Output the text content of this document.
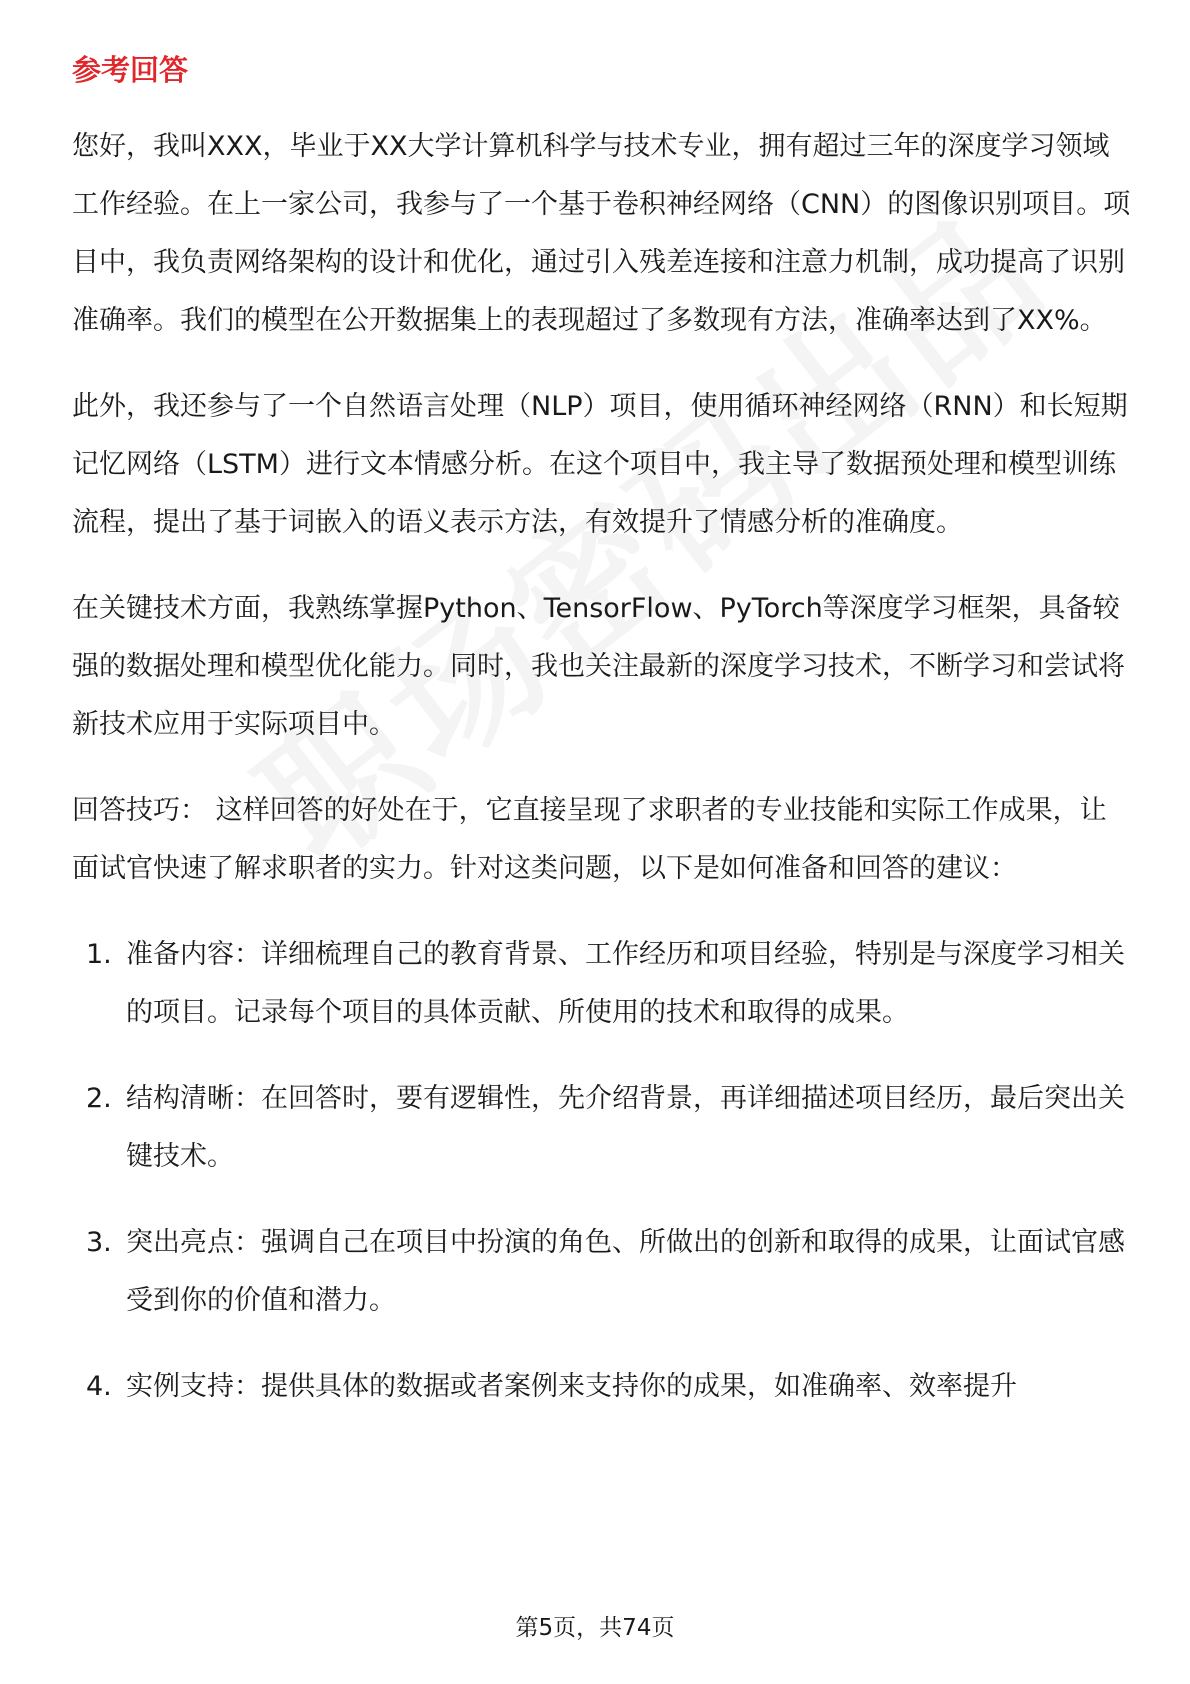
参考回答

您好，我叫XXX，毕业于XX大学计算机科学与技术专业，拥有超过三年的深度学习领域工作经验。在上一家公司，我参与了一个基于卷积神经网络（CNN）的图像识别项目。项目中，我负责网络架构的设计和优化，通过引入残差连接和注意力机制，成功提高了识别准确率。我们的模型在公开数据集上的表现超过了多数现有方法，准确率达到了XX%。

此外，我还参与了一个自然语言处理（NLP）项目，使用循环神经网络（RNN）和长短期记忆网络（LSTM）进行文本情感分析。在这个项目中，我主导了数据预处理和模型训练流程，提出了基于词嵌入的语义表示方法，有效提升了情感分析的准确度。

在关键技术方面，我熟练掌握Python、TensorFlow、PyTorch等深度学习框架，具备较强的数据处理和模型优化能力。同时，我也关注最新的深度学习技术，不断学习和尝试将新技术应用于实际项目中。

回答技巧： 这样回答的好处在于，它直接呈现了求职者的专业技能和实际工作成果，让面试官快速了解求职者的实力。针对这类问题，以下是如何准备和回答的建议：

1. 准备内容：详细梳理自己的教育背景、工作经历和项目经验，特别是与深度学习相关的项目。记录每个项目的具体贡献、所使用的技术和取得的成果。
2. 结构清晰：在回答时，要有逻辑性，先介绍背景，再详细描述项目经历，最后突出关键技术。
3. 突出亮点：强调自己在项目中扮演的角色、所做出的创新和取得的成果，让面试官感受到你的价值和潜力。
4. 实例支持：提供具体的数据或者案例来支持你的成果，如准确率、效率提升
第5页，共74页
